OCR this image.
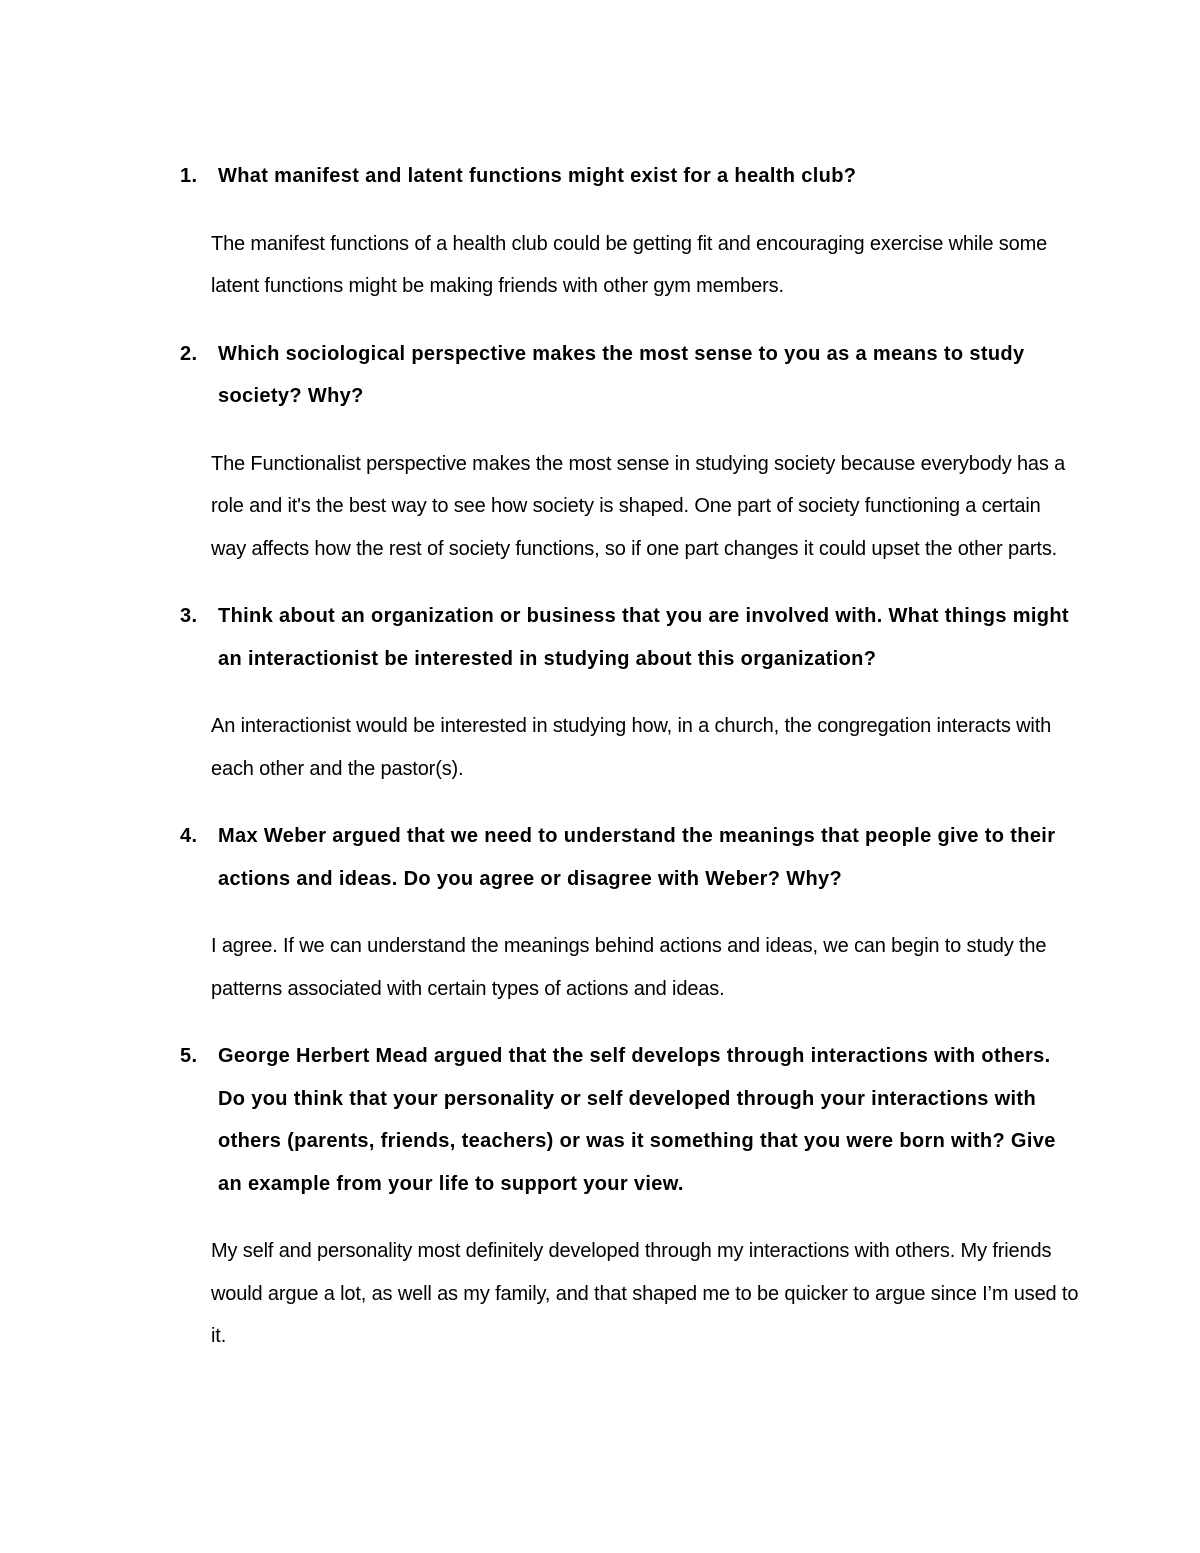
1.	What manifest and latent functions might exist for a health club?

The manifest functions of a health club could be getting fit and encouraging exercise while some latent functions might be making friends with other gym members.

2.	Which sociological perspective makes the most sense to you as a means to study society? Why?

The Functionalist perspective makes the most sense in studying society because everybody has a role and it's the best way to see how society is shaped. One part of society functioning a certain way affects how the rest of society functions, so if one part changes it could upset the other parts.

3.	Think about an organization or business that you are involved with. What things might an interactionist be interested in studying about this organization?

An interactionist would be interested in studying how, in a church, the congregation interacts with each other and the pastor(s).

4.	Max Weber argued that we need to understand the meanings that people give to their actions and ideas. Do you agree or disagree with Weber? Why?

I agree. If we can understand the meanings behind actions and ideas, we can begin to study the patterns associated with certain types of actions and ideas.

5.	George Herbert Mead argued that the self develops through interactions with others. Do you think that your personality or self developed through your interactions with others (parents, friends, teachers) or was it something that you were born with? Give an example from your life to support your view.

My self and personality most definitely developed through my interactions with others. My friends would argue a lot, as well as my family, and that shaped me to be quicker to argue since I’m used to it.
